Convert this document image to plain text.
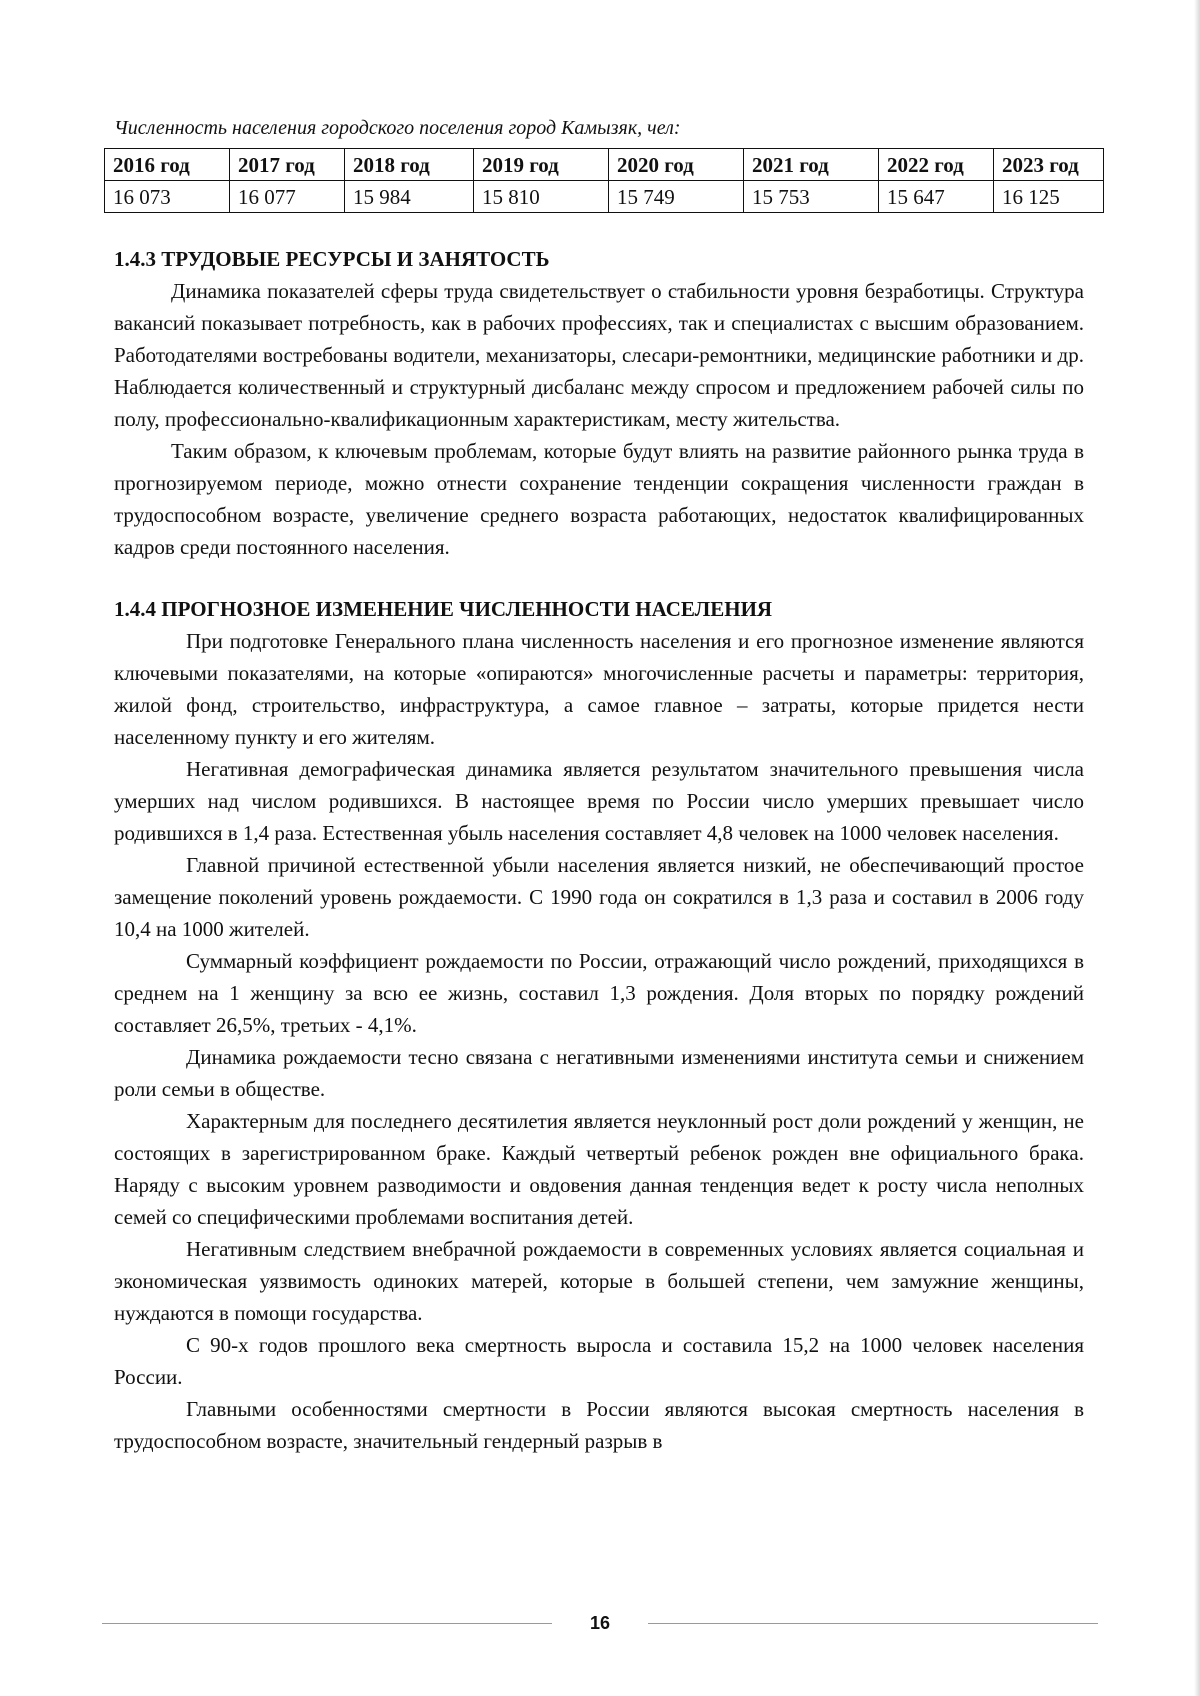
Численность населения городского поселения город Камызяк, чел:
2016 год	2017 год	2018 год	2019 год	2020 год	2021 год	2022 год	2023 год
16 073	16 077	15 984	15 810	15 749	15 753	15 647	16 125
1.4.3 ТРУДОВЫЕ РЕСУРСЫ И ЗАНЯТОСТЬ

Динамика показателей сферы труда свидетельствует о стабильности уровня безработицы. Структура вакансий показывает потребность, как в рабочих профессиях, так и специалистах с высшим образованием. Работодателями востребованы водители, механизаторы, слесари-ремонтники, медицинские работники и др. Наблюдается количественный и структурный дисбаланс между спросом и предложением рабочей силы по полу, профессионально-квалификационным характеристикам, месту жительства.

Таким образом, к ключевым проблемам, которые будут влиять на развитие районного рынка труда в прогнозируемом периоде, можно отнести сохранение тенденции сокращения численности граждан в трудоспособном возрасте, увеличение среднего возраста работающих, недостаток квалифицированных кадров среди постоянного населения.

1.4.4 ПРОГНОЗНОЕ ИЗМЕНЕНИЕ ЧИСЛЕННОСТИ НАСЕЛЕНИЯ

При подготовке Генерального плана численность населения и его прогнозное изменение являются ключевыми показателями, на которые «опираются» многочисленные расчеты и параметры: территория, жилой фонд, строительство, инфраструктура, а самое главное – затраты, которые придется нести населенному пункту и его жителям.

Негативная демографическая динамика является результатом значительного превышения числа умерших над числом родившихся. В настоящее время по России число умерших превышает число родившихся в 1,4 раза. Естественная убыль населения составляет 4,8 человек на 1000 человек населения.

Главной причиной естественной убыли населения является низкий, не обеспечивающий простое замещение поколений уровень рождаемости. С 1990 года он сократился в 1,3 раза и составил в 2006 году 10,4 на 1000 жителей.

Суммарный коэффициент рождаемости по России, отражающий число рождений, приходящихся в среднем на 1 женщину за всю ее жизнь, составил 1,3 рождения. Доля вторых по порядку рождений составляет 26,5%, третьих - 4,1%.

Динамика рождаемости тесно связана с негативными изменениями института семьи и снижением роли семьи в обществе.

Характерным для последнего десятилетия является неуклонный рост доли рождений у женщин, не состоящих в зарегистрированном браке. Каждый четвертый ребенок рожден вне официального брака. Наряду с высоким уровнем разводимости и овдовения данная тенденция ведет к росту числа неполных семей со специфическими проблемами воспитания детей.

Негативным следствием внебрачной рождаемости в современных условиях является социальная и экономическая уязвимость одиноких матерей, которые в большей степени, чем замужние женщины, нуждаются в помощи государства.

С 90-х годов прошлого века смертность выросла и составила 15,2 на 1000 человек населения России.

Главными особенностями смертности в России являются высокая смертность населения в трудоспособном возрасте, значительный гендерный разрыв в

16
